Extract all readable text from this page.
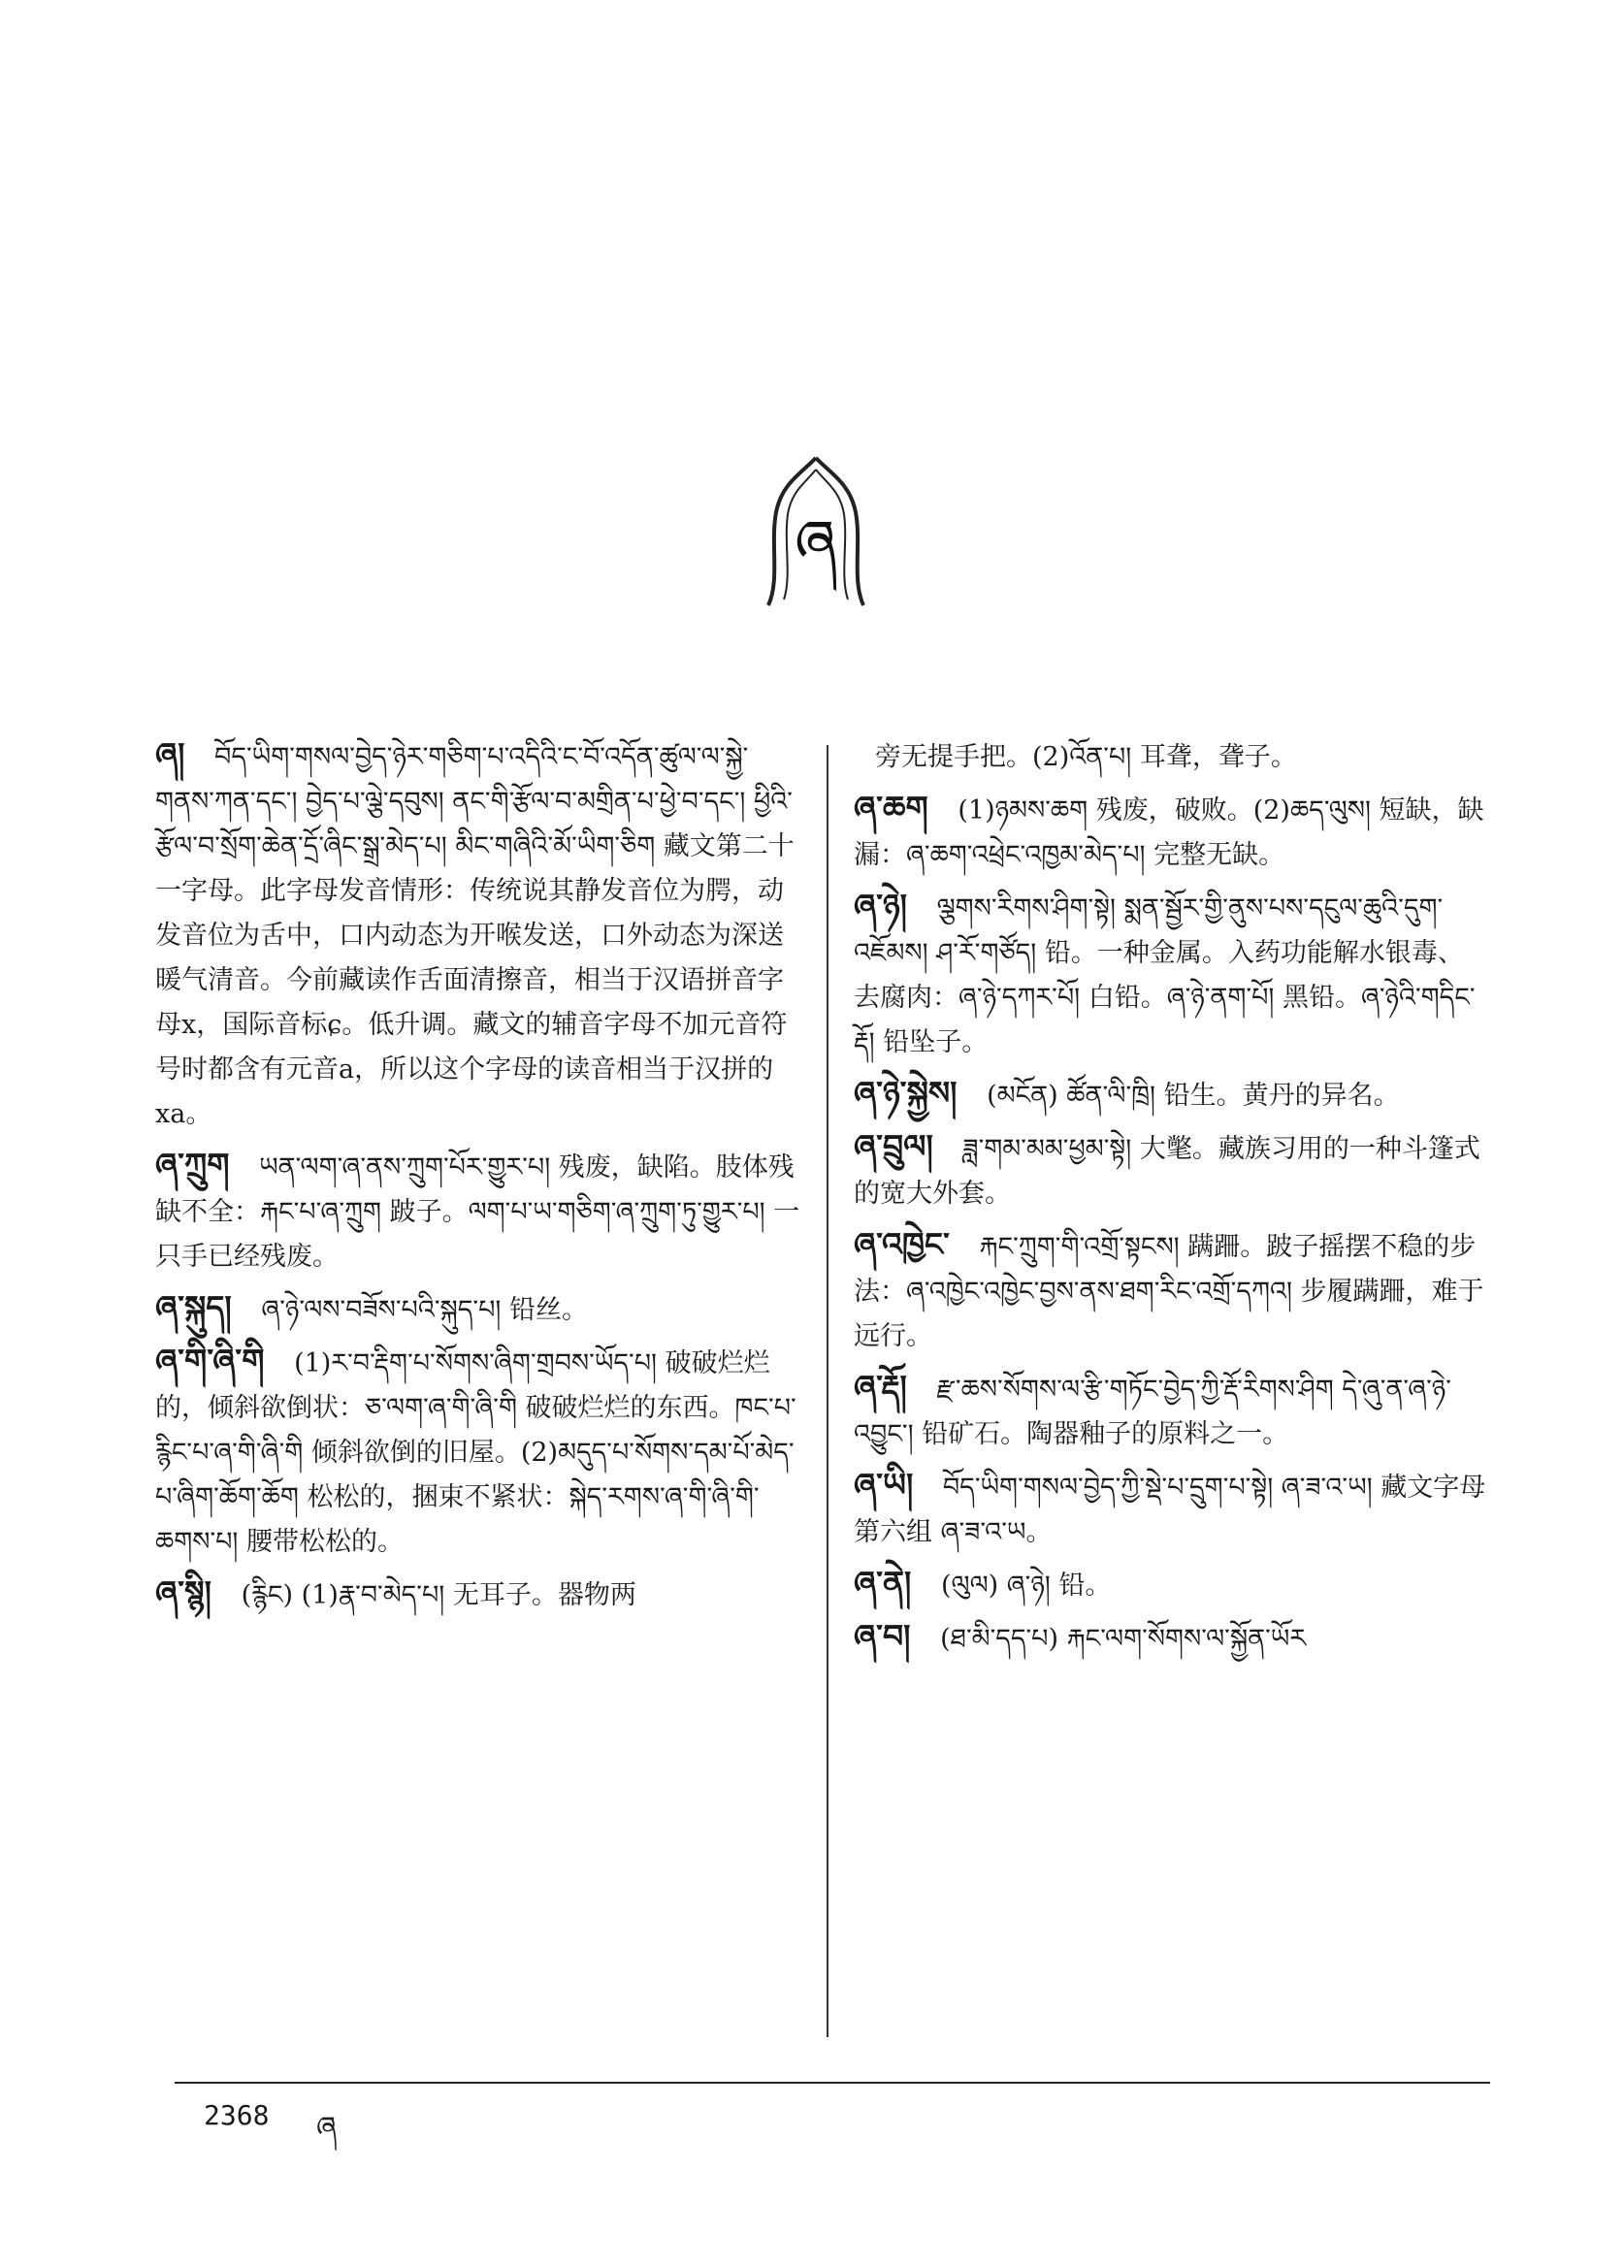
ཞ

ཞ། བོད་ཡིག་གསལ་བྱེད་ཉེར་གཅིག་པ་འདིའི་ང་བོ་འདོན་ཚུལ་ལ་སྐྱེ་གནས་ཀན་དང་། བྱེད་པ་ལྕེ་དབུས། ནང་གི་རྩོལ་བ་མགྲིན་པ་ཕྱེ་བ་དང་། ཕྱིའི་རྩོལ་བ་སྲོག་ཆེན་དྲོ་ཞིང་སྒྲ་མེད་པ། མིང་གཞིའི་མོ་ཡིག་ཅིག 藏文第二十一字母。此字母发音情形：传统说其静发音位为腭，动发音位为舌中，口内动态为开喉发送，口外动态为深送暖气清音。今前藏读作舌面清擦音，相当于汉语拼音字母x，国际音标ɕ。低升调。藏文的辅音字母不加元音符号时都含有元音a，所以这个字母的读音相当于汉拼的xa。

ཞ་ཀྲུག ཡན་ལག་ཞ་ནས་ཀྲུག་པོར་གྱུར་པ། 残废，缺陷。肢体残缺不全：རྐང་པ་ཞ་ཀྲུག 跛子。ལག་པ་ཡ་གཅིག་ཞ་ཀྲུག་ཏུ་གྱུར་པ། 一只手已经残废。

ཞ་སྐུད། ཞ་ཉེ་ལས་བཟོས་པའི་སྐུད་པ། 铅丝。

ཞ་གི་ཞི་གི (1)ར་བ་རྡིག་པ་སོགས་ཞིག་གྲབས་ཡོད་པ། 破破烂烂的，倾斜欲倒状：ཅ་ལག་ཞ་གི་ཞི་གི 破破烂烂的东西。ཁང་པ་རྙིང་པ་ཞ་གི་ཞི་གི 倾斜欲倒的旧屋。(2)མདུད་པ་སོགས་དམ་པོ་མེད་པ་ཞིག་ཆོག་ཆོག 松松的，捆束不紧状：སྐེད་རགས་ཞ་གི་ཞི་གི་ཆགས་པ། 腰带松松的。

ཞ་སྙི། (རྙིང) (1)རྣ་བ་མེད་པ། 无耳子。器物两

旁无提手把。(2)འོན་པ། 耳聋，聋子。

ཞ་ཆག (1)ཉམས་ཆག 残废，破败。(2)ཆད་ལུས། 短缺，缺漏：ཞ་ཆག་འཕྲེང་འཁྱམ་མེད་པ། 完整无缺。

ཞ་ཉེ། ལྕགས་རིགས་ཤིག་སྟེ། སྨན་སྦྱོར་གྱི་ནུས་པས་དངུལ་ཆུའི་དུག་འཇོམས། ཤ་རོ་གཙོད། 铅。一种金属。入药功能解水银毒、去腐肉：ཞ་ཉེ་དཀར་པོ། 白铅。ཞ་ཉེ་ནག་པོ། 黑铅。ཞ་ཉེའི་གདིང་རྡོ། 铅坠子。

ཞ་ཉེ་སྐྱེས། (མངོན) ཚོན་ལི་ཁྲི། 铅生。黄丹的异名。

ཞ་བྲུལ། ཟླ་གམ་མམ་ཕྱམ་སྟེ། 大氅。藏族习用的一种斗篷式的宽大外套。

ཞ་འཁྱེང་ རྐང་ཀྲུག་གི་འགྲོ་སྟངས། 蹒跚。跛子摇摆不稳的步法：ཞ་འཁྱེང་འཁྱེང་བྱས་ནས་ཐག་རིང་འགྲོ་དཀའ། 步履蹒跚，难于远行。

ཞ་རྡོ། རྫ་ཆས་སོགས་ལ་རྩི་གཏོང་བྱེད་ཀྱི་རྡོ་རིགས་ཤིག དེ་ཞུ་ན་ཞ་ཉེ་འབྱུང་། 铅矿石。陶器釉子的原料之一。

ཞ་ཡི། བོད་ཡིག་གསལ་བྱེད་ཀྱི་སྡེ་པ་དྲུག་པ་སྟེ། ཞ་ཟ་འ་ཡ། 藏文字母第六组 ཞ་ཟ་འ་ཡ。

ཞ་ནེ། (ལུལ) ཞ་ཉེ། 铅。

ཞ་བ། (ཐ་མི་དད་པ) རྐང་ལག་སོགས་ལ་སྐྱོན་ཡོར

2368 ཞ
